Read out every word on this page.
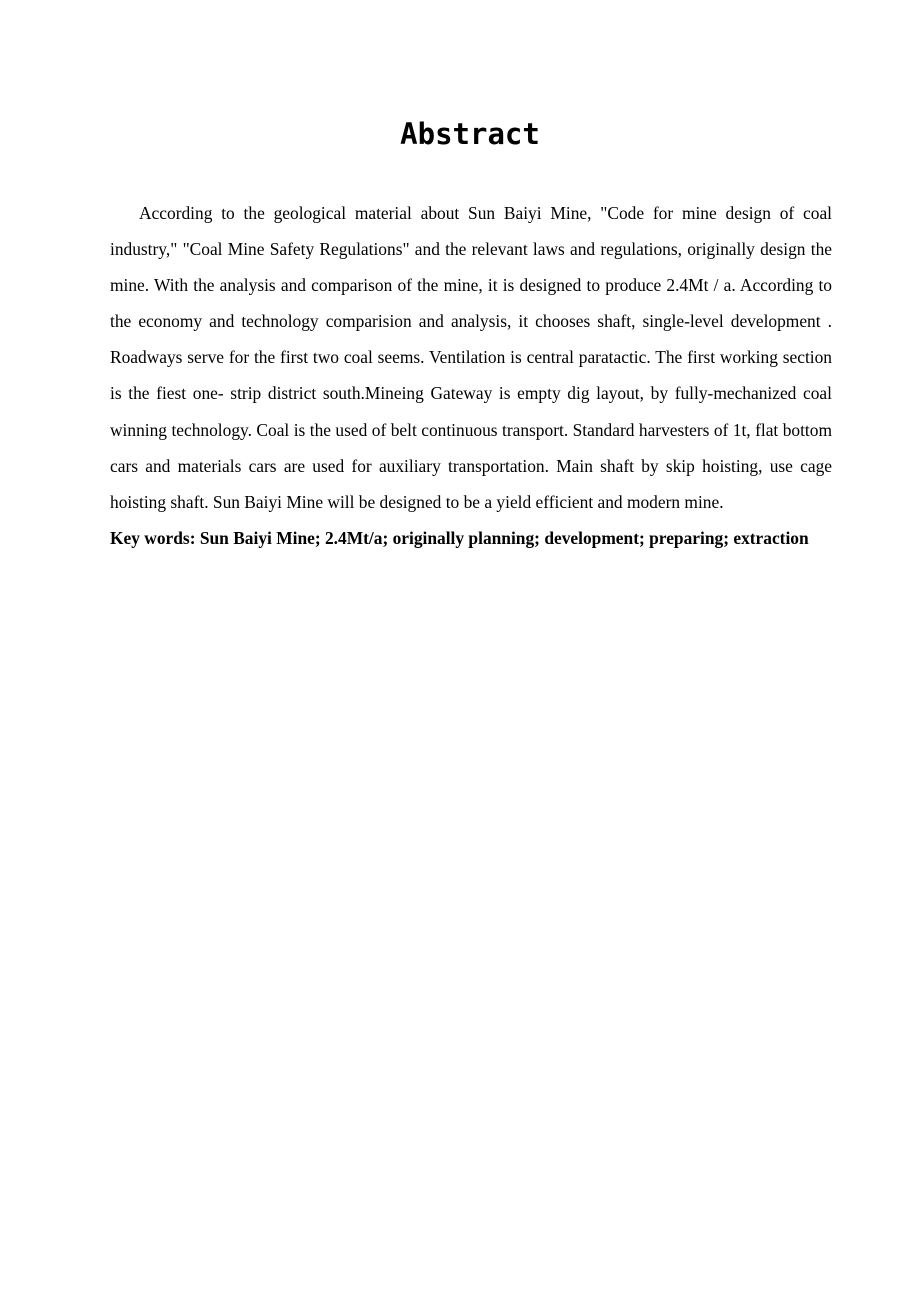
Abstract

According to the geological material about Sun Baiyi Mine, "Code for mine design of coal industry," "Coal Mine Safety Regulations" and the relevant laws and regulations, originally design the mine. With the analysis and comparison of the mine, it is designed to produce 2.4Mt / a. According to the economy and technology comparision and analysis, it chooses shaft, single-level development . Roadways serve for the first two coal seems. Ventilation is central paratactic. The first working section is the fiest one- strip district south.Mineing Gateway is empty dig layout, by fully-mechanized coal winning technology. Coal is the used of belt continuous transport. Standard harvesters of 1t, flat bottom cars and materials cars are used for auxiliary transportation. Main shaft by skip hoisting, use cage hoisting shaft. Sun Baiyi Mine will be designed to be a yield efficient and modern mine.

Key words: Sun Baiyi Mine; 2.4Mt/a; originally planning; development; preparing; extraction
